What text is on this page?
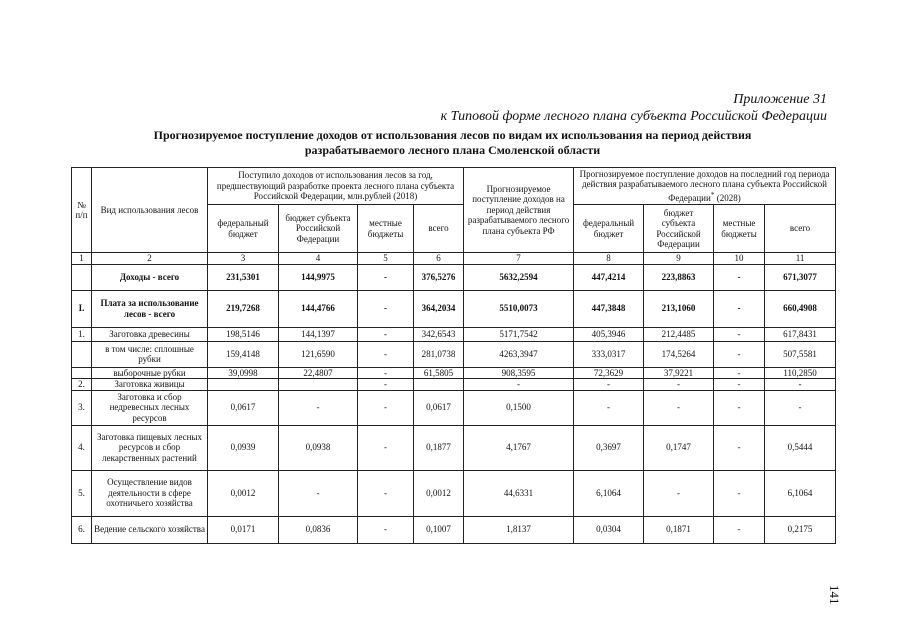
Приложение 31
к Типовой форме лесного плана субъекта Российской Федерации
Прогнозируемое поступление доходов от использования лесов по видам их использования на период действия
разрабатываемого лесного плана Смоленской области
№ п/п	Вид использования лесов	Поступило доходов от использования лесов за год, предшествующий разработке проекта лесного плана субъекта Российской Федерации, млн.рублей (2018)				Прогнозируемое поступление доходов на период действия разрабатываемого лесного плана субъекта РФ	Прогнозируемое поступление доходов на последний год периода действия разрабатываемого лесного плана субъекта Российской Федерации* (2028)			
		федеральный бюджет	бюджет субъекта Российской Федерации	местные бюджеты	всего		федеральный бюджет	бюджет субъекта Российской Федерации	местные бюджеты	всего
1	2	3	4	5	6	7	8	9	10	11
	Доходы - всего	231,5301	144,9975	-	376,5276	5632,2594	447,4214	223,8863	-	671,3077
I.	Плата за использование лесов - всего	219,7268	144,4766	-	364,2034	5510,0073	447,3848	213,1060	-	660,4908
1.	Заготовка древесины	198,5146	144,1397	-	342,6543	5171,7542	405,3946	212,4485	-	617,8431
	в том числе: сплошные рубки	159,4148	121,6590	-	281,0738	4263,3947	333,0317	174,5264	-	507,5581
	выборочные рубки	39,0998	22,4807	-	61,5805	908,3595	72,3629	37,9221	-	110,2850
2.	Заготовка живицы			-		-	-	-	-	-
3.	Заготовка и сбор недревесных лесных ресурсов	0,0617	-	-	0,0617	0,1500	-	-	-	-
4.	Заготовка пищевых лесных ресурсов и сбор лекарственных растений	0,0939	0,0938	-	0,1877	4,1767	0,3697	0,1747	-	0,5444
5.	Осуществление видов деятельности в сфере охотничьего хозяйства	0,0012	-	-	0,0012	44,6331	6,1064	-	-	6,1064
6.	Ведение сельского хозяйства	0,0171	0,0836	-	0,1007	1,8137	0,0304	0,1871	-	0,2175
141
